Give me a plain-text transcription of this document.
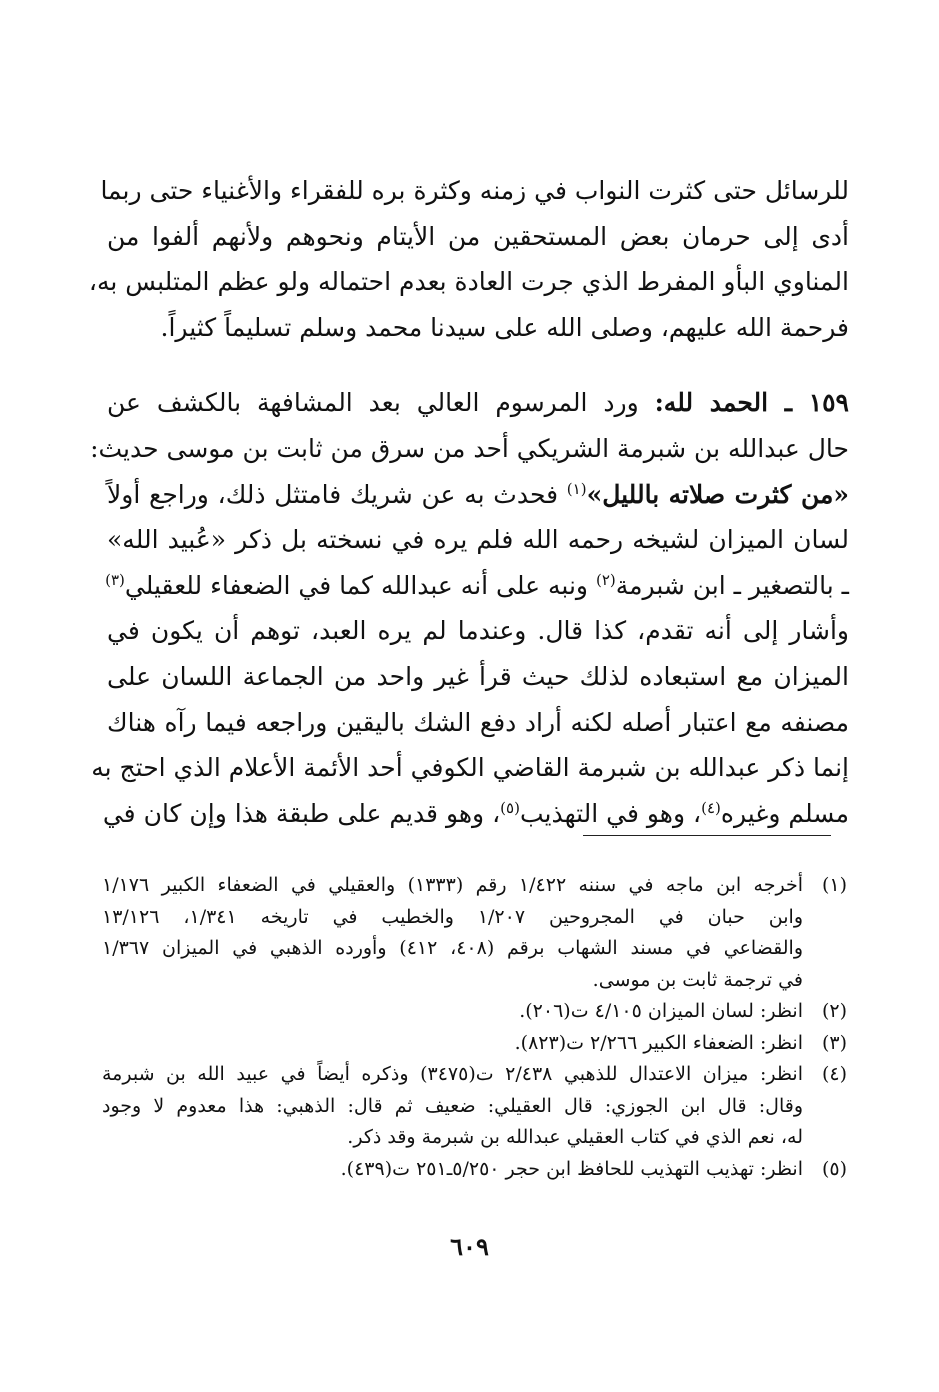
للرسائل حتى كثرت النواب في زمنه وكثرة بره للفقراء والأغنياء حتى ربما
أدى إلى حرمان بعض المستحقين من الأيتام ونحوهم ولأنهم ألفوا من
المناوي البأو المفرط الذي جرت العادة بعدم احتماله ولو عظم المتلبس به،
فرحمة الله عليهم، وصلى الله على سيدنا محمد وسلم تسليماً كثيراً.
١٥٩ ـ الحمد لله: ورد المرسوم العالي بعد المشافهة بالكشف عن
حال عبدالله بن شبرمة الشريكي أحد من سرق من ثابت بن موسى حديث:
«من كثرت صلاته بالليل»$^{(١)}$ فحدث به عن شريك فامتثل ذلك، وراجع أولاً
لسان الميزان لشيخه رحمه الله فلم يره في نسخته بل ذكر «عُبيد الله»
ـ بالتصغير ـ ابن شبرمة$^{(٢)}$ ونبه على أنه عبدالله كما في الضعفاء للعقيلي$^{(٣)}$
وأشار إلى أنه تقدم، كذا قال. وعندما لم يره العبد، توهم أن يكون في
الميزان مع استبعاده لذلك حيث قرأ غير واحد من الجماعة اللسان على
مصنفه مع اعتبار أصله لكنه أراد دفع الشك باليقين وراجعه فيما رآه هناك
إنما ذكر عبدالله بن شبرمة القاضي الكوفي أحد الأئمة الأعلام الذي احتج به
مسلم وغيره$^{(٤)}$، وهو في التهذيب$^{(٥)}$، وهو قديم على طبقة هذا وإن كان في
(١)
أخرجه ابن ماجه في سننه ١/٤٢٢ رقم (١٣٣٣) والعقيلي في الضعفاء الكبير ١/١٧٦
وابن حبان في المجروحين ١/٢٠٧ والخطيب في تاريخه ١/٣٤١، ١٣/١٢٦
والقضاعي في مسند الشهاب برقم (٤٠٨، ٤١٢) وأورده الذهبي في الميزان ١/٣٦٧
في ترجمة ثابت بن موسى.
(٢)
انظر: لسان الميزان ٤/١٠٥ ت(٢٠٦).
(٣)
انظر: الضعفاء الكبير ٢/٢٦٦ ت(٨٢٣).
(٤)
انظر: ميزان الاعتدال للذهبي ٢/٤٣٨ ت(٣٤٧٥) وذكره أيضاً في عبيد الله بن شبرمة
وقال: قال ابن الجوزي: قال العقيلي: ضعيف ثم قال: الذهبي: هذا معدوم لا وجود
له، نعم الذي في كتاب العقيلي عبدالله بن شبرمة وقد ذكر.
(٥)
انظر: تهذيب التهذيب للحافظ ابن حجر ٥/٢٥٠ـ٢٥١ ت(٤٣٩).
٦٠٩
